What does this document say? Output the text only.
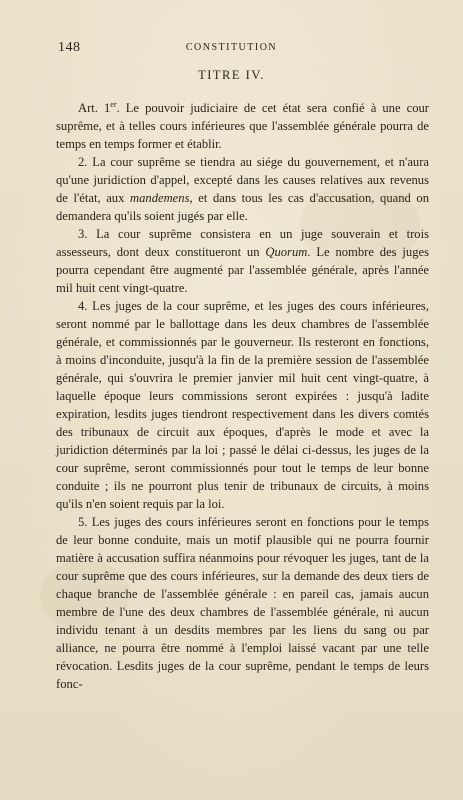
148	CONSTITUTION
TITRE IV.

Art. 1er. Le pouvoir judiciaire de cet état sera confié à une cour suprême, et à telles cours inférieures que l'assemblée générale pourra de temps en temps former et établir.

2. La cour suprême se tiendra au siége du gouvernement, et n'aura qu'une juridiction d'appel, excepté dans les causes relatives aux revenus de l'état, aux mandemens, et dans tous les cas d'accusation, quand on demandera qu'ils soient jugés par elle.

3. La cour suprême consistera en un juge souverain et trois assesseurs, dont deux constitueront un Quorum. Le nombre des juges pourra cependant être augmenté par l'assemblée générale, après l'année mil huit cent vingt-quatre.

4. Les juges de la cour suprême, et les juges des cours inférieures, seront nommé par le ballottage dans les deux chambres de l'assemblée générale, et commissionnés par le gouverneur. Ils resteront en fonctions, à moins d'inconduite, jusqu'à la fin de la première session de l'assemblée générale, qui s'ouvrira le premier janvier mil huit cent vingt-quatre, à laquelle époque leurs commissions seront expirées : jusqu'à ladite expiration, lesdits juges tiendront respectivement dans les divers comtés des tribunaux de circuit aux époques, d'après le mode et avec la juridiction déterminés par la loi ; passé le délai ci-dessus, les juges de la cour suprême, seront commissionnés pour tout le temps de leur bonne conduite ; ils ne pourront plus tenir de tribunaux de circuits, à moins qu'ils n'en soient requis par la loi.

5. Les juges des cours inférieures seront en fonctions pour le temps de leur bonne conduite, mais un motif plausible qui ne pourra fournir matière à accusation suffira néanmoins pour révoquer les juges, tant de la cour suprême que des cours inférieures, sur la demande des deux tiers de chaque branche de l'assemblée générale : en pareil cas, jamais aucun membre de l'une des deux chambres de l'assemblée générale, ni aucun individu tenant à un desdits membres par les liens du sang ou par alliance, ne pourra être nommé à l'emploi laissé vacant par une telle révocation. Lesdits juges de la cour suprême, pendant le temps de leurs fonc-
